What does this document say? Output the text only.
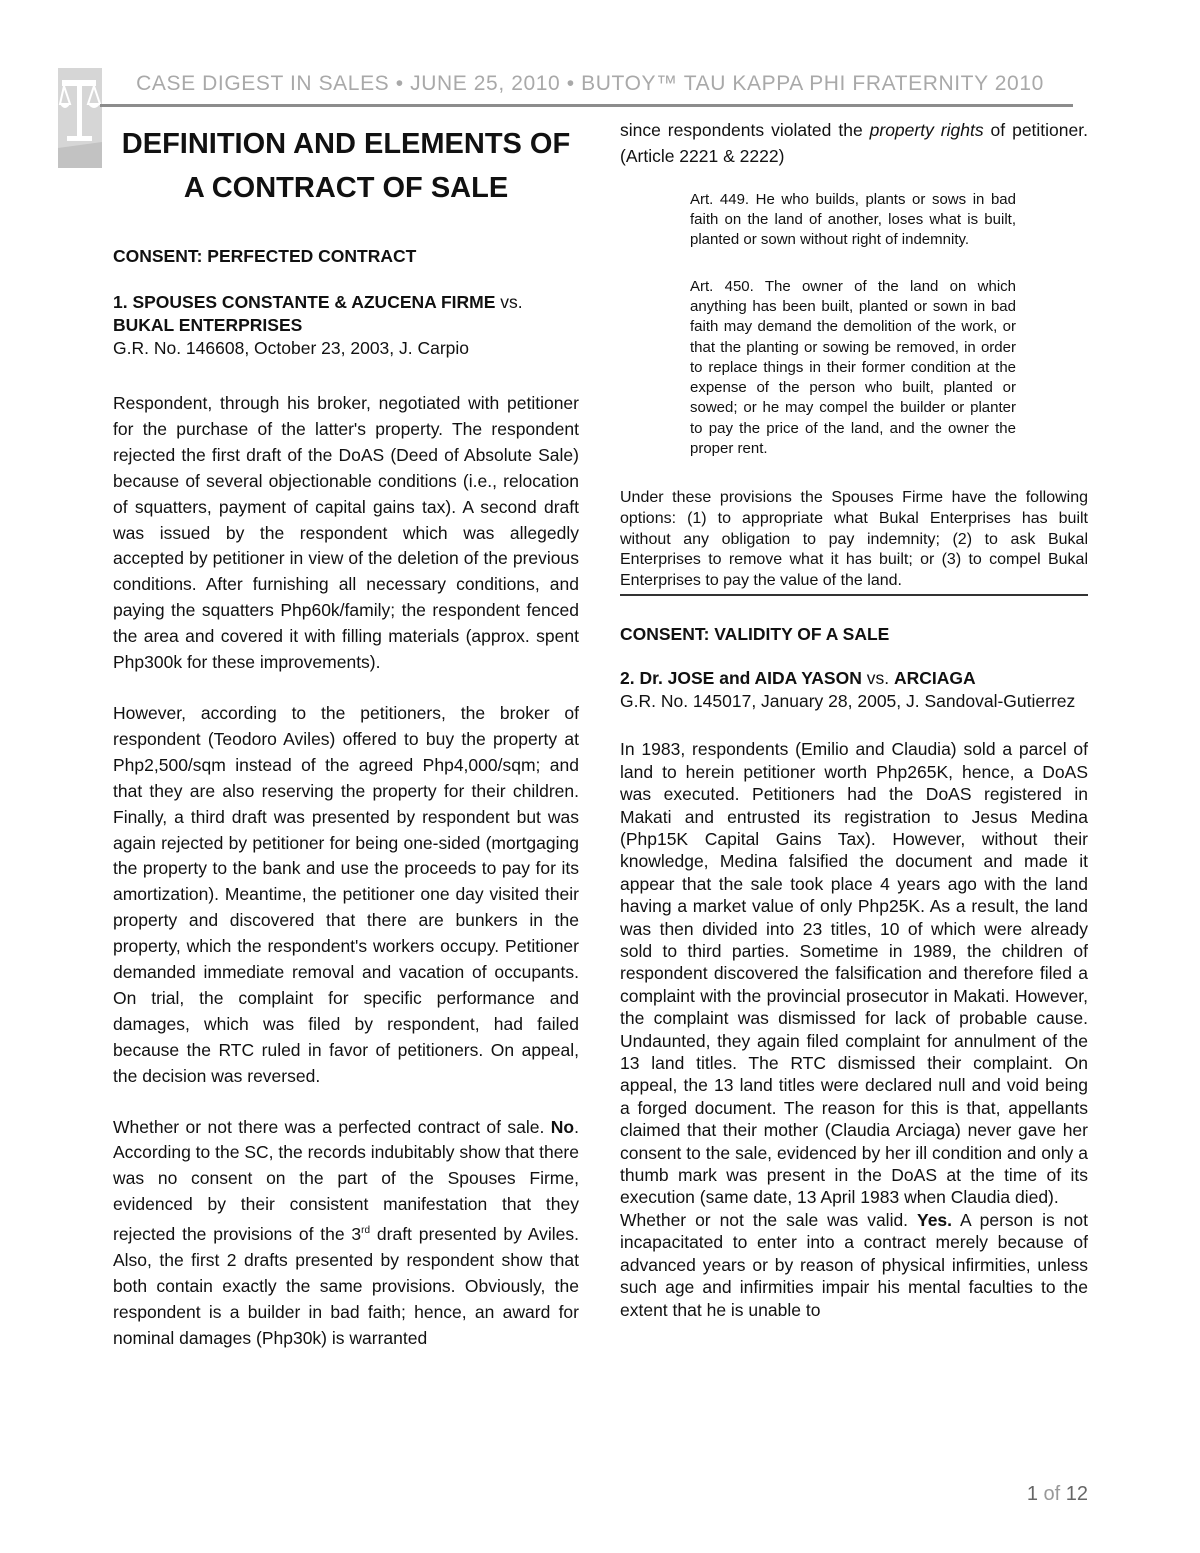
CASE DIGEST IN SALES • JUNE 25, 2010 • BUTOY™ TAU KAPPA PHI FRATERNITY 2010
DEFINITION AND ELEMENTS OF
A CONTRACT OF SALE
CONSENT: PERFECTED CONTRACT
1. SPOUSES CONSTANTE & AZUCENA FIRME vs.
BUKAL ENTERPRISES
G.R. No. 146608, October 23, 2003, J. Carpio

Respondent, through his broker, negotiated with petitioner for the purchase of the latter's property. The respondent rejected the first draft of the DoAS (Deed of Absolute Sale) because of several objectionable conditions (i.e., relocation of squatters, payment of capital gains tax). A second draft was issued by the respondent which was allegedly accepted by petitioner in view of the deletion of the previous conditions. After furnishing all necessary conditions, and paying the squatters Php60k/family; the respondent fenced the area and covered it with filling materials (approx. spent Php300k for these improvements).

However, according to the petitioners, the broker of respondent (Teodoro Aviles) offered to buy the property at Php2,500/sqm instead of the agreed Php4,000/sqm; and that they are also reserving the property for their children. Finally, a third draft was presented by respondent but was again rejected by petitioner for being one-sided (mortgaging the property to the bank and use the proceeds to pay for its amortization). Meantime, the petitioner one day visited their property and discovered that there are bunkers in the property, which the respondent's workers occupy. Petitioner demanded immediate removal and vacation of occupants. On trial, the complaint for specific performance and damages, which was filed by respondent, had failed because the RTC ruled in favor of petitioners. On appeal, the decision was reversed.

Whether or not there was a perfected contract of sale. No. According to the SC, the records indubitably show that there was no consent on the part of the Spouses Firme, evidenced by their consistent manifestation that they rejected the provisions of the 3rd draft presented by Aviles. Also, the first 2 drafts presented by respondent show that both contain exactly the same provisions. Obviously, the respondent is a builder in bad faith; hence, an award for nominal damages (Php30k) is warranted

since respondents violated the property rights of petitioner. (Article 2221 & 2222)

Art. 449. He who builds, plants or sows in bad faith on the land of another, loses what is built, planted or sown without right of indemnity.

Art. 450. The owner of the land on which anything has been built, planted or sown in bad faith may demand the demolition of the work, or that the planting or sowing be removed, in order to replace things in their former condition at the expense of the person who built, planted or sowed; or he may compel the builder or planter to pay the price of the land, and the owner the proper rent.

Under these provisions the Spouses Firme have the following options: (1) to appropriate what Bukal Enterprises has built without any obligation to pay indemnity; (2) to ask Bukal Enterprises to remove what it has built; or (3) to compel Bukal Enterprises to pay the value of the land.

CONSENT: VALIDITY OF A SALE
2. Dr. JOSE and AIDA YASON vs. ARCIAGA
G.R. No. 145017, January 28, 2005, J. Sandoval-Gutierrez

In 1983, respondents (Emilio and Claudia) sold a parcel of land to herein petitioner worth Php265K, hence, a DoAS was executed. Petitioners had the DoAS registered in Makati and entrusted its registration to Jesus Medina (Php15K Capital Gains Tax). However, without their knowledge, Medina falsified the document and made it appear that the sale took place 4 years ago with the land having a market value of only Php25K. As a result, the land was then divided into 23 titles, 10 of which were already sold to third parties. Sometime in 1989, the children of respondent discovered the falsification and therefore filed a complaint with the provincial prosecutor in Makati. However, the complaint was dismissed for lack of probable cause. Undaunted, they again filed complaint for annulment of the 13 land titles. The RTC dismissed their complaint. On appeal, the 13 land titles were declared null and void being a forged document. The reason for this is that, appellants claimed that their mother (Claudia Arciaga) never gave her consent to the sale, evidenced by her ill condition and only a thumb mark was present in the DoAS at the time of its execution (same date, 13 April 1983 when Claudia died).

Whether or not the sale was valid. Yes. A person is not incapacitated to enter into a contract merely because of advanced years or by reason of physical infirmities, unless such age and infirmities impair his mental faculties to the extent that he is unable to

1 of 12
